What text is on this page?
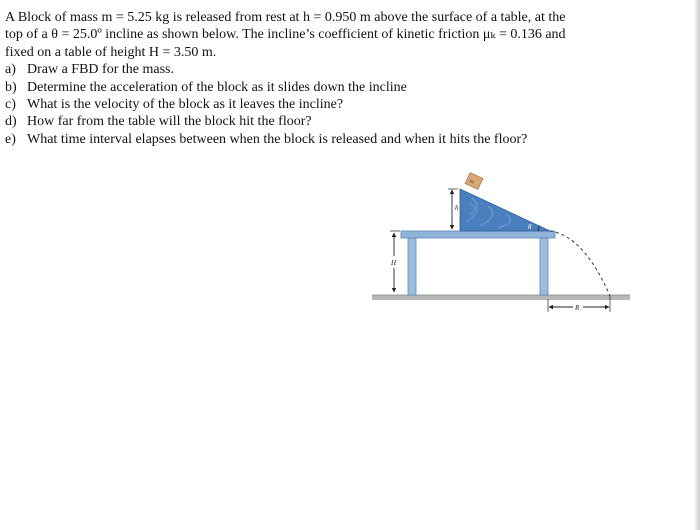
A Block of mass m = 5.25 kg is released from rest at h = 0.950 m above the surface of a table, at the

top of a θ = 25.0º incline as shown below. The incline’s coefficient of kinetic friction μₖ = 0.136 and

fixed on a table of height H = 3.50 m.

a) Draw a FBD for the mass.
b) Determine the acceleration of the block as it slides down the incline
c) What is the velocity of the block as it leaves the incline?
d) How far from the table will the block hit the floor?
e) What time interval elapses between when the block is released and when it hits the floor?
m
h
H
θ
R
